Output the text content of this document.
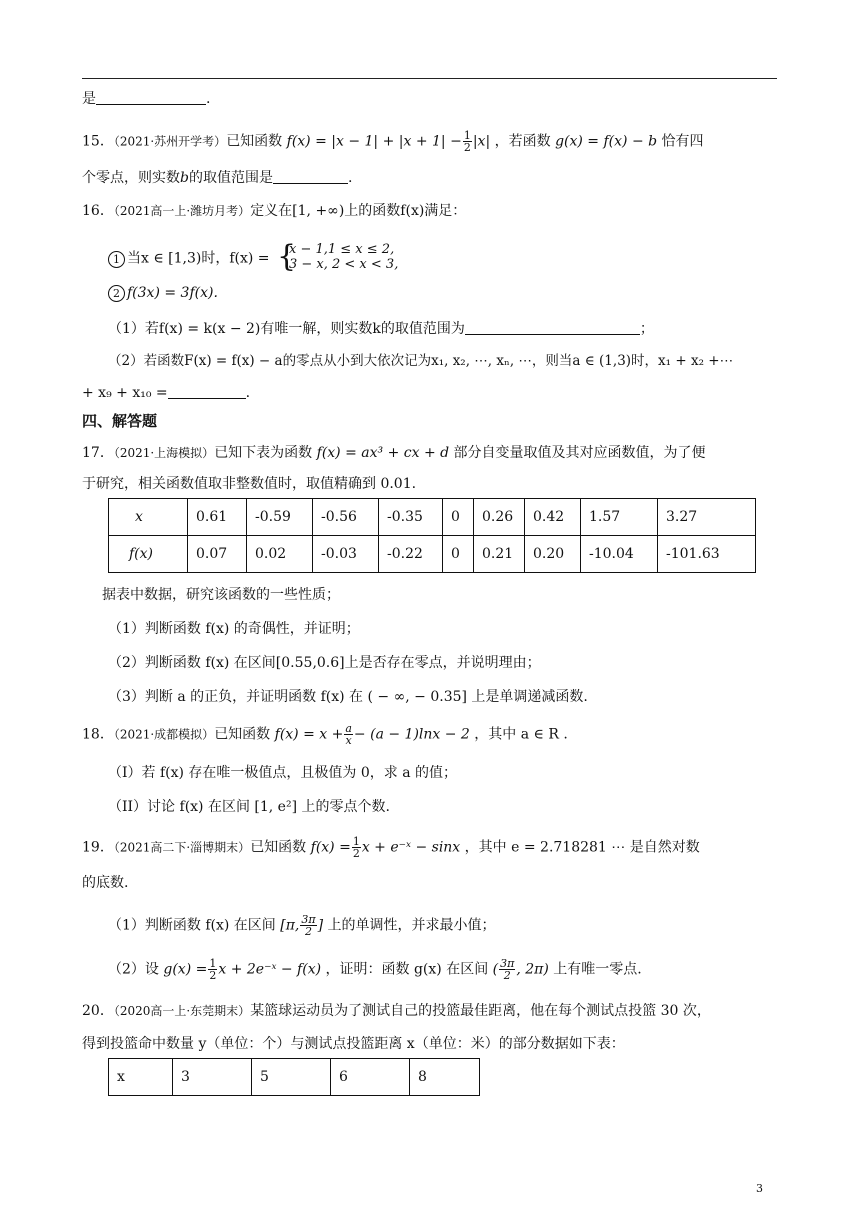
是	.
15．（2021·苏州开学考）已知函数 $f(x) = |x - 1| + |x + 1| - \frac{1}{2} |x|$ ，若函数 g(x) = f(x) − b 恰有四
个零点，则实数b的取值范围是	.
16．（2021高一上·潍坊月考）定义在[1, +∞)上的函数f(x)满足：
1 当x ∈ [1,3)时，f(x) = {
x − 1,1 ≤ x ≤ 2,
3 − x, 2 < x < 3,
2 f(3x) = 3f(x).
（1）若f(x) = k(x − 2)有唯一解，则实数k的取值范围为	；
（2）若函数F(x) = f(x) − a的零点从小到大依次记为x₁, x₂, ⋯, xₙ, ⋯，则当a ∈ (1,3)时，x₁ + x₂ +⋯
+ x₉ + x₁₀ =	.
四、解答题
17．（2021·上海模拟）已知下表为函数 f(x) = ax³ + cx + d 部分自变量取值及其对应函数值，为了便
于研究，相关函数值取非整数值时，取值精确到 0.01.
x	0.61	-0.59	-0.56	-0.35	0	0.26	0.42	1.57	3.27
f(x)	0.07	0.02	-0.03	-0.22	0	0.21	0.20	-10.04	-101.63
据表中数据，研究该函数的一些性质；
（1）判断函数 f(x) 的奇偶性，并证明；
（2）判断函数 f(x) 在区间[0.55,0.6]上是否存在零点，并说明理由；
（3）判断 a 的正负，并证明函数 f(x) 在 ( − ∞, − 0.35] 上是单调递减函数.
18．（2021·成都模拟）已知函数 $f(x) = x + \frac{a}{x} - (a - 1)\ln x - 2$ ，其中 a ∈ R .
（I）若 f(x) 存在唯一极值点，且极值为 0，求 a 的值；
（II）讨论 f(x) 在区间 [1, e²] 上的零点个数.
19．（2021高二下·淄博期末）已知函数 $f(x) = \frac{1}{2}$ x + e⁻ˣ − sinx ，其中 e = 2.718281 ⋯ 是自然对数
的底数.
（1）判断函数 f(x) 在区间 [π, $\frac{3\pi}{2}$ ] 上的单调性，并求最小值；
（2）设 $g(x) = \frac{1}{2}$ x + 2e⁻ˣ − f(x) ，证明：函数 g(x) 在区间 ( $\frac{3\pi}{2}$ , 2π) 上有唯一零点.
20．（2020高一上·东莞期末）某篮球运动员为了测试自己的投篮最佳距离，他在每个测试点投篮 30 次，
得到投篮命中数量 y（单位：个）与测试点投篮距离 x（单位：米）的部分数据如下表：
x	3	5	6	8
3
